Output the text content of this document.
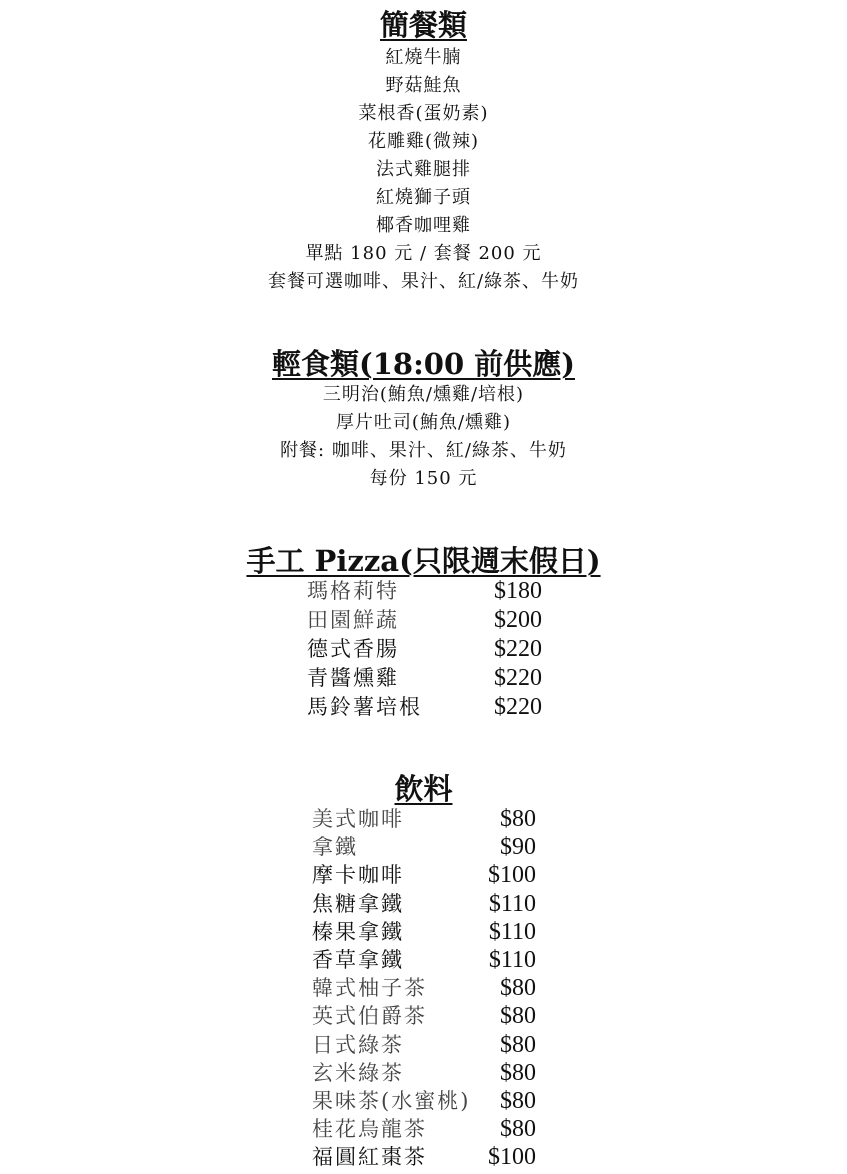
簡餐類
紅燒牛腩
野菇鮭魚
菜根香(蛋奶素)
花雕雞(微辣)
法式雞腿排
紅燒獅子頭
椰香咖哩雞
單點 180 元 / 套餐 200 元
套餐可選咖啡、果汁、紅/綠茶、牛奶
輕食類(18:00 前供應)
三明治(鮪魚/燻雞/培根)
厚片吐司(鮪魚/燻雞)
附餐: 咖啡、果汁、紅/綠茶、牛奶
每份 150 元
手工 Pizza(只限週末假日)
瑪格莉特	$180
田園鮮蔬	$200
德式香腸	$220
青醬燻雞	$220
馬鈴薯培根	$220
飲料
美式咖啡	$80
拿鐵	$90
摩卡咖啡	$100
焦糖拿鐵	$110
榛果拿鐵	$110
香草拿鐵	$110
韓式柚子茶	$80
英式伯爵茶	$80
日式綠茶	$80
玄米綠茶	$80
果味茶(水蜜桃)	$80
桂花烏龍茶	$80
福圓紅棗茶	$100
